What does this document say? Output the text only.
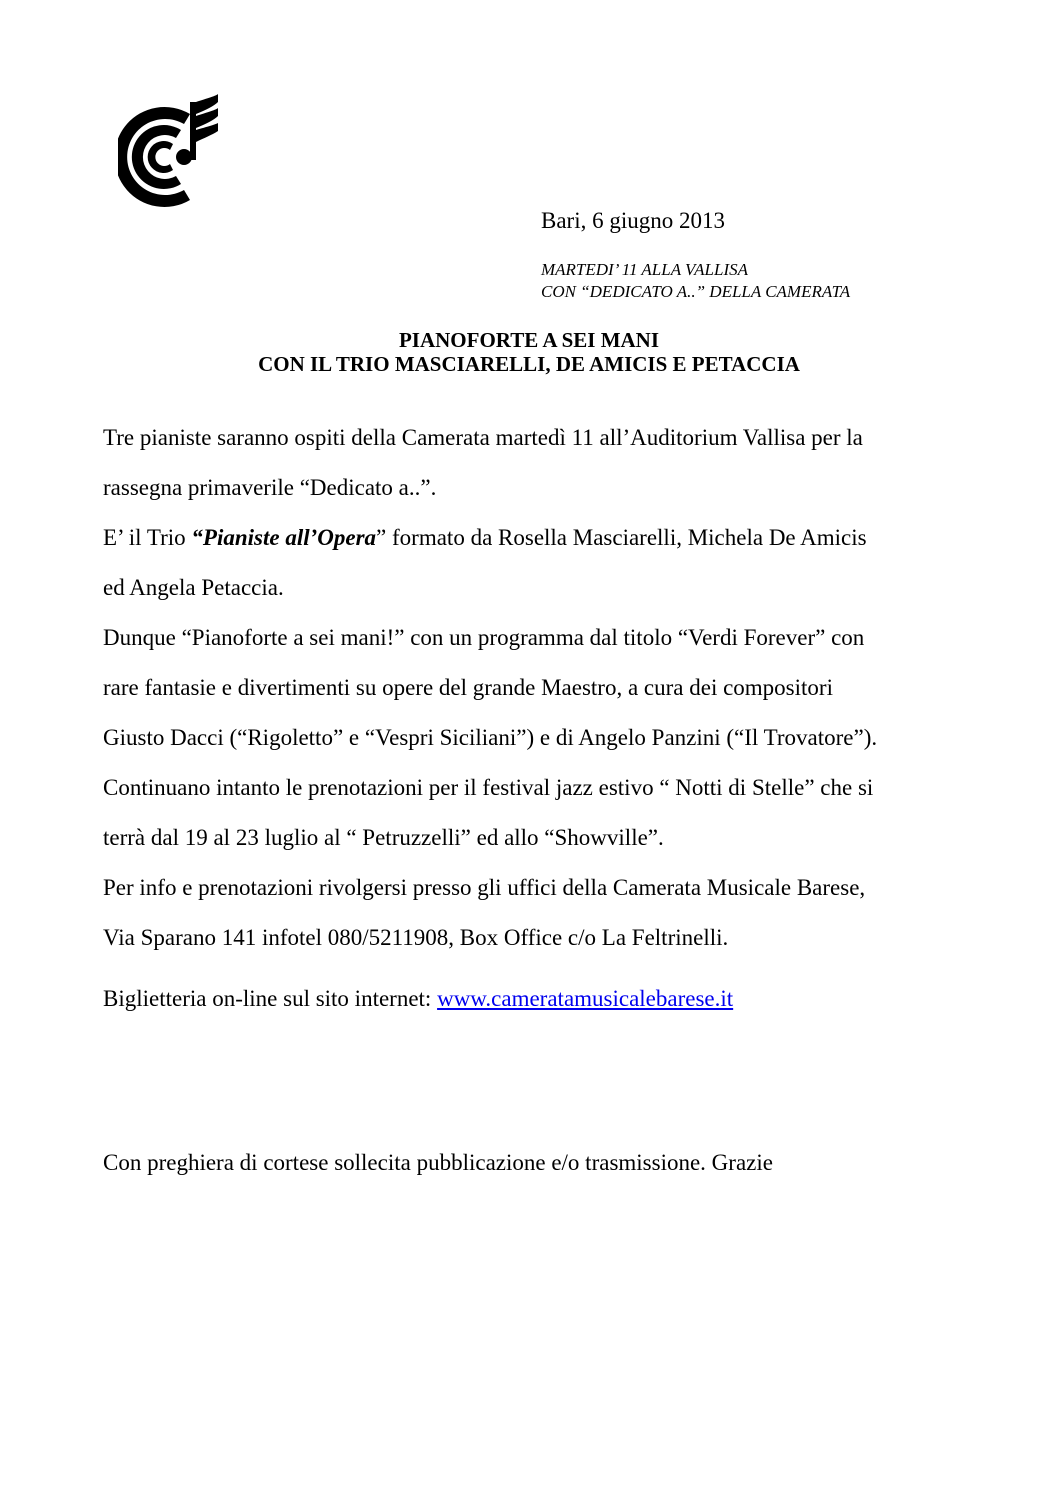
Bari, 6 giugno 2013
MARTEDI’ 11 ALLA VALLISA
CON “DEDICATO A..” DELLA CAMERATA
PIANOFORTE A SEI MANI
CON IL TRIO MASCIARELLI, DE AMICIS E PETACCIA
Tre pianiste saranno ospiti della Camerata martedì 11 all’Auditorium Vallisa per la
rassegna primaverile “Dedicato a..”.
E’ il Trio “Pianiste all’Opera” formato da Rosella Masciarelli, Michela De Amicis
ed Angela Petaccia.
Dunque “Pianoforte a sei mani!” con un programma dal titolo “Verdi Forever” con
rare fantasie e divertimenti su opere del grande Maestro, a cura dei compositori
Giusto Dacci (“Rigoletto” e “Vespri Siciliani”) e di Angelo Panzini (“Il Trovatore”).
Continuano intanto le prenotazioni per il festival jazz estivo “ Notti di Stelle” che si
terrà dal 19 al 23 luglio al “ Petruzzelli” ed allo “Showville”.
Per info e prenotazioni rivolgersi presso gli uffici della Camerata Musicale Barese,
Via Sparano 141 infotel 080/5211908, Box Office c/o La Feltrinelli.
Biglietteria on-line sul sito internet: www.cameratamusicalebarese.it
Con preghiera di cortese sollecita pubblicazione e/o trasmissione. Grazie
